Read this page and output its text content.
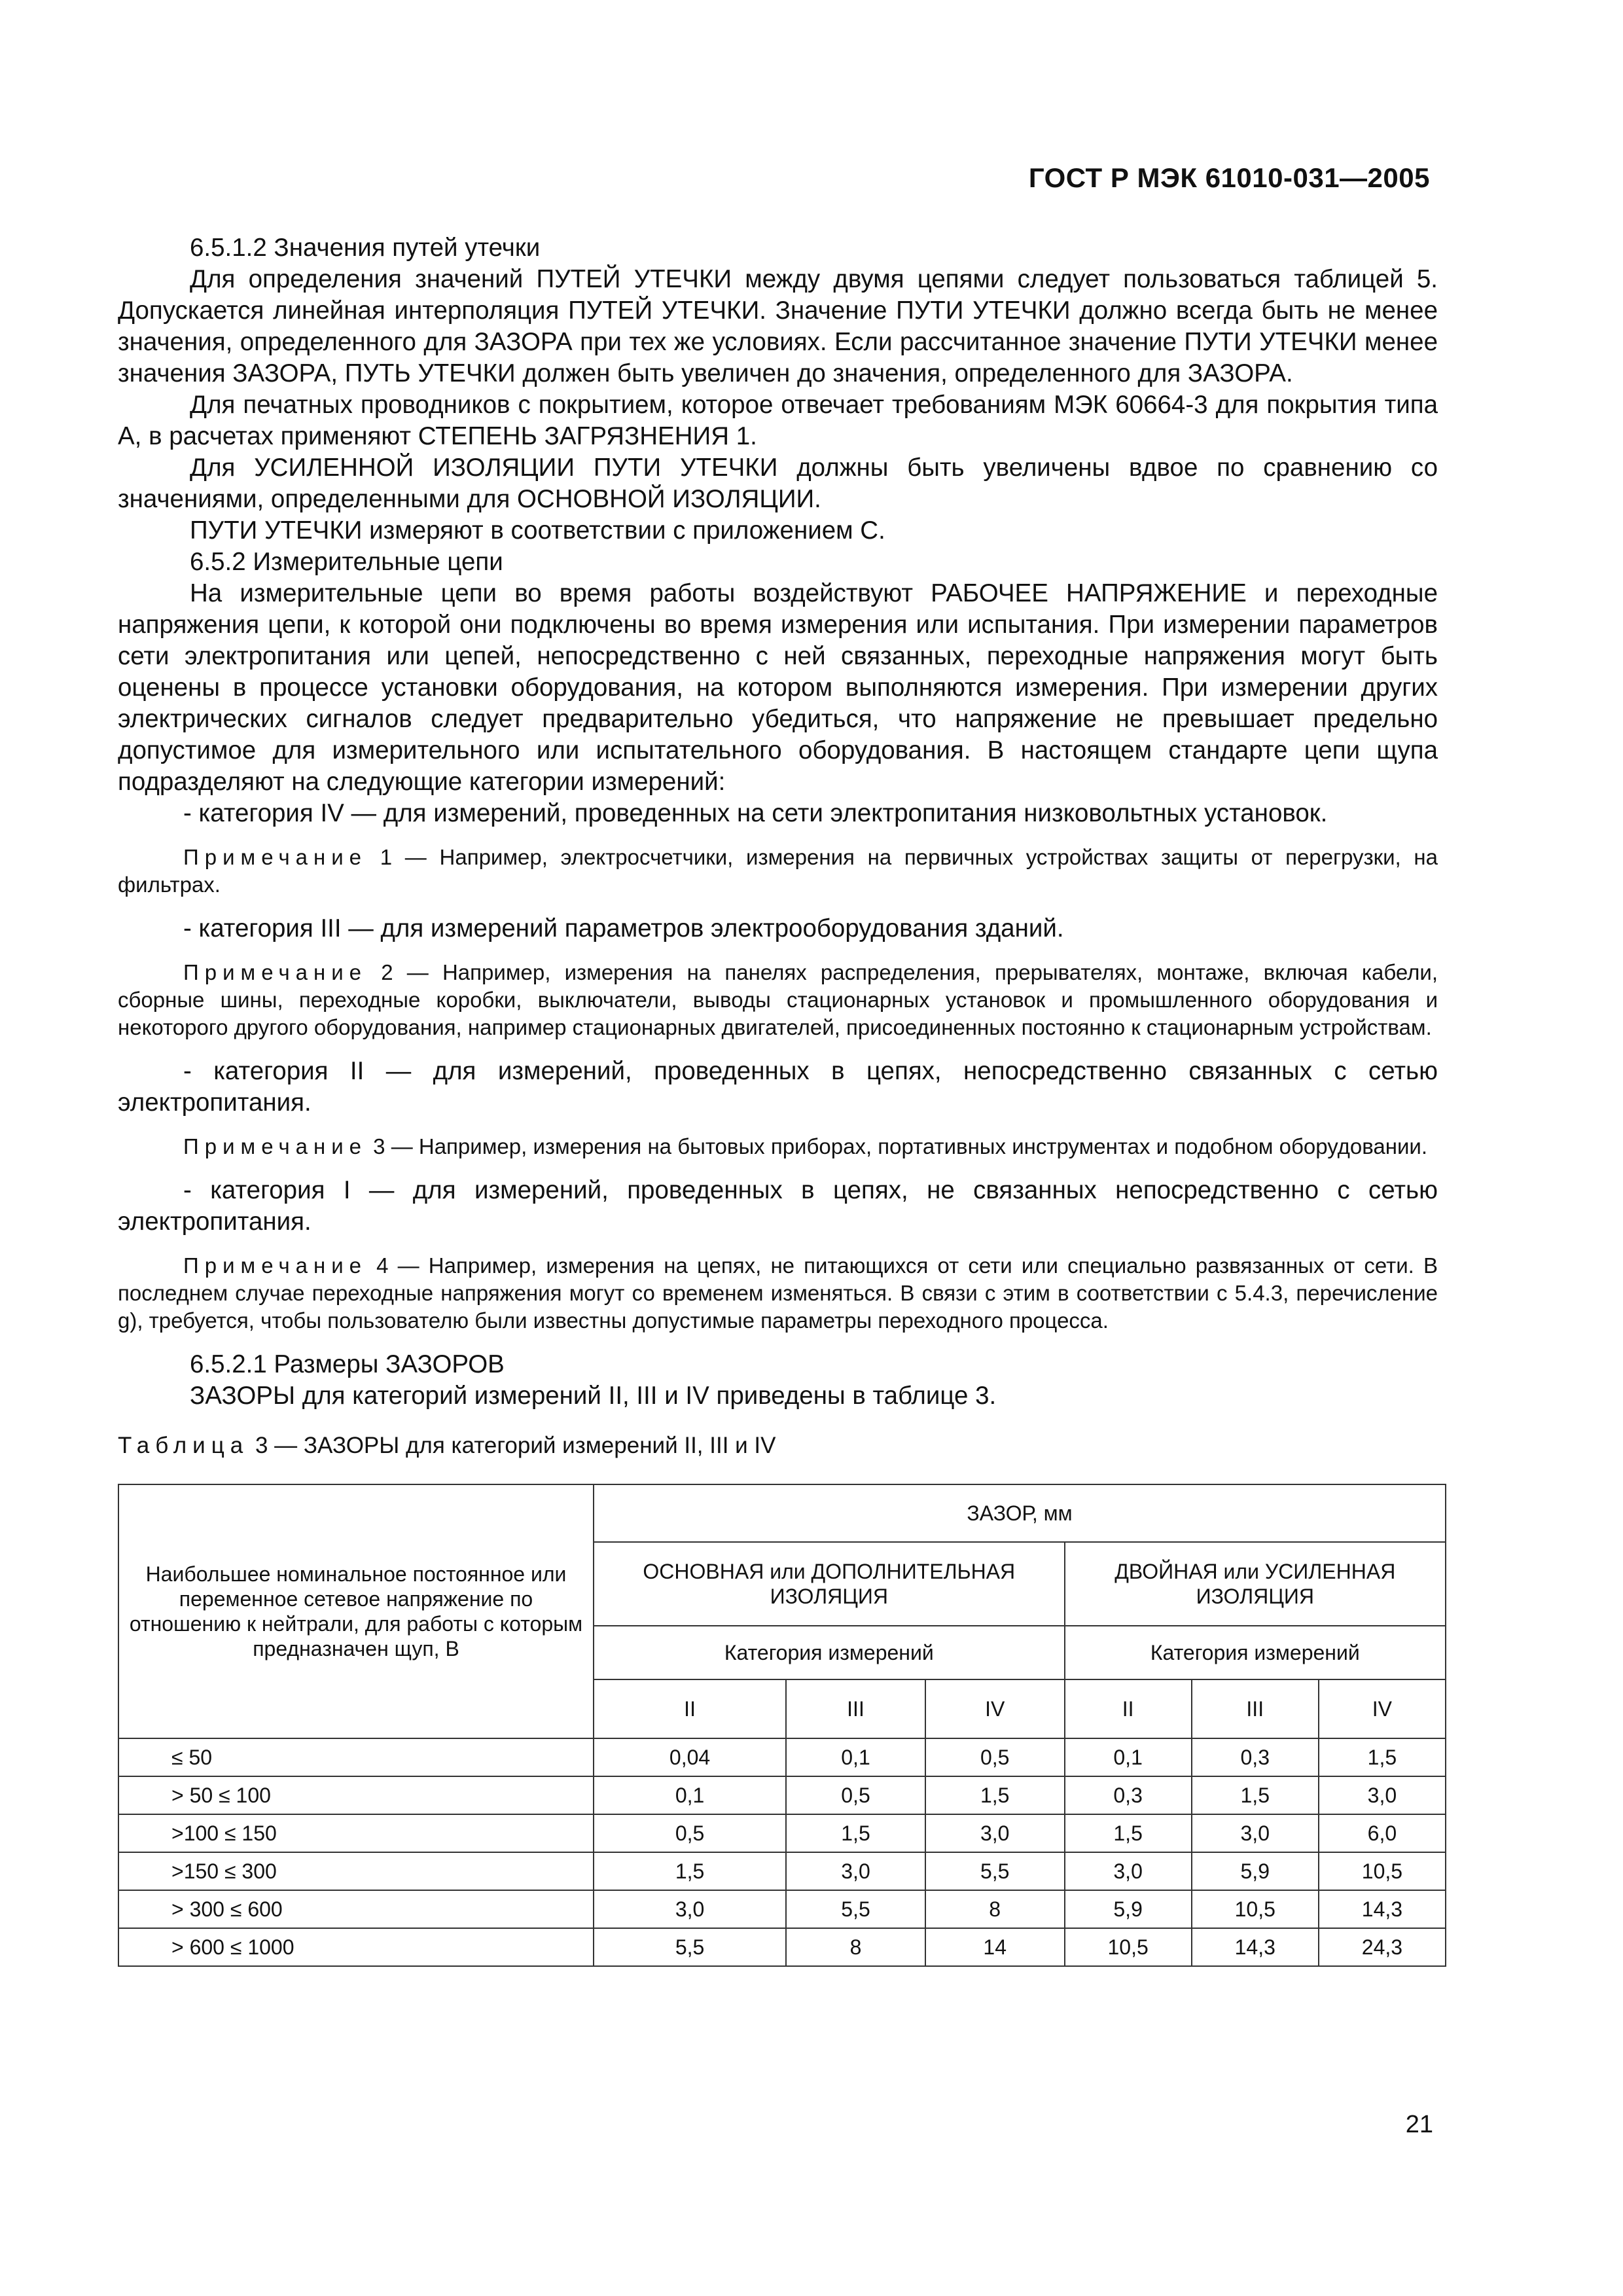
ГОСТ Р МЭК 61010-031—2005

6.5.1.2 Значения путей утечки

Для определения значений ПУТЕЙ УТЕЧКИ между двумя цепями следует пользоваться таблицей 5. Допускается линейная интерполяция ПУТЕЙ УТЕЧКИ. Значение ПУТИ УТЕЧКИ должно всегда быть не менее значения, определенного для ЗАЗОРА при тех же условиях. Если рассчитанное значение ПУТИ УТЕЧКИ менее значения ЗАЗОРА, ПУТЬ УТЕЧКИ должен быть увеличен до значения, определенного для ЗАЗОРА.

Для печатных проводников с покрытием, которое отвечает требованиям МЭК 60664-3 для покрытия типа А, в расчетах применяют СТЕПЕНЬ ЗАГРЯЗНЕНИЯ 1.

Для УСИЛЕННОЙ ИЗОЛЯЦИИ ПУТИ УТЕЧКИ должны быть увеличены вдвое по сравнению со значениями, определенными для ОСНОВНОЙ ИЗОЛЯЦИИ.

ПУТИ УТЕЧКИ измеряют в соответствии с приложением С.

6.5.2 Измерительные цепи

На измерительные цепи во время работы воздействуют РАБОЧЕЕ НАПРЯЖЕНИЕ и переходные напряжения цепи, к которой они подключены во время измерения или испытания. При измерении параметров сети электропитания или цепей, непосредственно с ней связанных, переходные напряжения могут быть оценены в процессе установки оборудования, на котором выполняются измерения. При измерении других электрических сигналов следует предварительно убедиться, что напряжение не превышает предельно допустимое для измерительного или испытательного оборудования. В настоящем стандарте цепи щупа подразделяют на следующие категории измерений:

- категория IV — для измерений, проведенных на сети электропитания низковольтных установок.

Примечание 1 — Например, электросчетчики, измерения на первичных устройствах защиты от перегрузки, на фильтрах.

- категория III — для измерений параметров электрооборудования зданий.

Примечание 2 — Например, измерения на панелях распределения, прерывателях, монтаже, включая кабели, сборные шины, переходные коробки, выключатели, выводы стационарных установок и промышленного оборудования и некоторого другого оборудования, например стационарных двигателей, присоединенных постоянно к стационарным устройствам.

- категория II — для измерений, проведенных в цепях, непосредственно связанных с сетью электропитания.

Примечание 3 — Например, измерения на бытовых приборах, портативных инструментах и подобном оборудовании.

- категория I — для измерений, проведенных в цепях, не связанных непосредственно с сетью электропитания.

Примечание 4 — Например, измерения на цепях, не питающихся от сети или специально развязанных от сети. В последнем случае переходные напряжения могут со временем изменяться. В связи с этим в соответствии с 5.4.3, перечисление g), требуется, чтобы пользователю были известны допустимые параметры переходного процесса.

6.5.2.1 Размеры ЗАЗОРОВ

ЗАЗОРЫ для категорий измерений II, III и IV приведены в таблице 3.

Таблица 3 — ЗАЗОРЫ для категорий измерений II, III и IV

Наибольшее номинальное постоянное или переменное сетевое напряжение по отношению к нейтрали, для работы с которым предназначен щуп, В	ЗАЗОР, мм					
	ОСНОВНАЯ или ДОПОЛНИТЕЛЬНАЯ ИЗОЛЯЦИЯ			ДВОЙНАЯ или УСИЛЕННАЯ ИЗОЛЯЦИЯ		
	Категория измерений			Категория измерений		
	II	III	IV	II	III	IV
≤ 50	0,04	0,1	0,5	0,1	0,3	1,5
> 50 ≤ 100	0,1	0,5	1,5	0,3	1,5	3,0
>100 ≤ 150	0,5	1,5	3,0	1,5	3,0	6,0
>150 ≤ 300	1,5	3,0	5,5	3,0	5,9	10,5
> 300 ≤ 600	3,0	5,5	8	5,9	10,5	14,3
> 600 ≤ 1000	5,5	8	14	10,5	14,3	24,3
21
